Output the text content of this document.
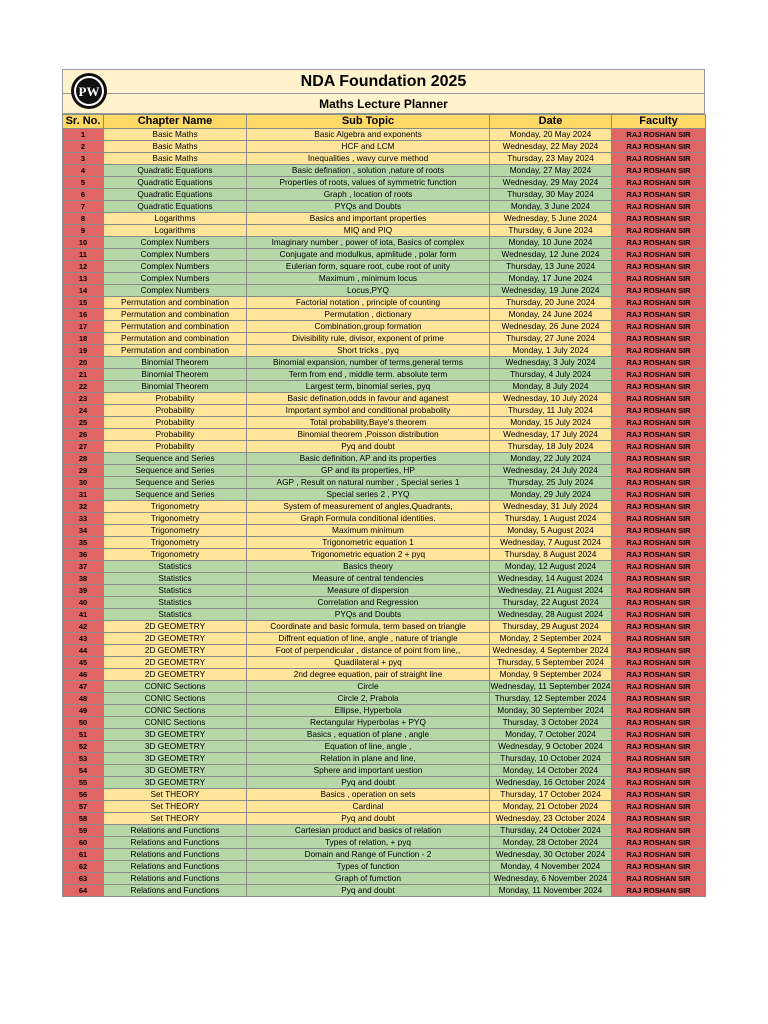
PW
NDA Foundation 2025
Maths Lecture Planner
Sr. No.	Chapter Name	Sub Topic	Date	Faculty
1	Basic Maths	Basic Algebra and exponents	Monday, 20 May 2024	RAJ ROSHAN SIR
2	Basic Maths	HCF and LCM	Wednesday, 22 May 2024	RAJ ROSHAN SIR
3	Basic Maths	Inequalities , wavy curve method	Thursday, 23 May 2024	RAJ ROSHAN SIR
4	Quadratic Equations	Basic defination , solution ,nature of roots	Monday, 27 May 2024	RAJ ROSHAN SIR
5	Quadratic Equations	Properties of roots, values of symmetric function	Wednesday, 29 May 2024	RAJ ROSHAN SIR
6	Quadratic Equations	Graph , location of roots	Thursday, 30 May 2024	RAJ ROSHAN SIR
7	Quadratic Equations	PYQs and Doubts	Monday, 3 June 2024	RAJ ROSHAN SIR
8	Logarithms	Basics and important properties	Wednesday, 5 June 2024	RAJ ROSHAN SIR
9	Logarithms	MIQ and PIQ	Thursday, 6 June 2024	RAJ ROSHAN SIR
10	Complex Numbers	Imaginary number , power of iota, Basics of complex	Monday, 10 June 2024	RAJ ROSHAN SIR
11	Complex Numbers	Conjugate and modulkus, apmlitude , polar form	Wednesday, 12 June 2024	RAJ ROSHAN SIR
12	Complex Numbers	Eulerian form, square root, cube root of unity	Thursday, 13 June 2024	RAJ ROSHAN SIR
13	Complex Numbers	Maximum , minimum locus	Monday, 17 June 2024	RAJ ROSHAN SIR
14	Complex Numbers	Locus,PYQ	Wednesday, 19 June 2024	RAJ ROSHAN SIR
15	Permutation and combination	Factorial notation , principle of counting	Thursday, 20 June 2024	RAJ ROSHAN SIR
16	Permutation and combination	Permutation , dictionary	Monday, 24 June 2024	RAJ ROSHAN SIR
17	Permutation and combination	Combination,group formation	Wednesday, 26 June 2024	RAJ ROSHAN SIR
18	Permutation and combination	Divisibility rule, divisor, exponent of prime	Thursday, 27 June 2024	RAJ ROSHAN SIR
19	Permutation and combination	Short tricks , pyq	Monday, 1 July 2024	RAJ ROSHAN SIR
20	Binomial Theorem	Binomial expansion, number of terms,general terms	Wednesday, 3 July 2024	RAJ ROSHAN SIR
21	Binomial Theorem	Term from end , middle term. absolute term	Thursday, 4 July 2024	RAJ ROSHAN SIR
22	Binomial Theorem	Largest term, binomial series, pyq	Monday, 8 July 2024	RAJ ROSHAN SIR
23	Probability	Basic defination,odds in favour and aganest	Wednesday, 10 July 2024	RAJ ROSHAN SIR
24	Probability	Important symbol and conditional probabolity	Thursday, 11 July 2024	RAJ ROSHAN SIR
25	Probability	Total probability,Baye's theorem	Monday, 15 July 2024	RAJ ROSHAN SIR
26	Probability	Binomial theorem ,Poisson distribution	Wednesday, 17 July 2024	RAJ ROSHAN SIR
27	Probability	Pyq and doubt	Thursday, 18 July 2024	RAJ ROSHAN SIR
28	Sequence and Series	Basic definition, AP and its properties	Monday, 22 July 2024	RAJ ROSHAN SIR
29	Sequence and Series	GP and its properties, HP	Wednesday, 24 July 2024	RAJ ROSHAN SIR
30	Sequence and Series	AGP , Result on natural number , Special series 1	Thursday, 25 July 2024	RAJ ROSHAN SIR
31	Sequence and Series	Special series 2 , PYQ	Monday, 29 July 2024	RAJ ROSHAN SIR
32	Trigonometry	System of measurement of angles,Quadrants,	Wednesday, 31 July 2024	RAJ ROSHAN SIR
33	Trigonometry	Graph Formula conditional identities.	Thursday, 1 August 2024	RAJ ROSHAN SIR
34	Trigonometry	Maximum minimum	Monday, 5 August 2024	RAJ ROSHAN SIR
35	Trigonometry	Trigonometric equation 1	Wednesday, 7 August 2024	RAJ ROSHAN SIR
36	Trigonometry	Trigonometric equation 2 + pyq	Thursday, 8 August 2024	RAJ ROSHAN SIR
37	Statistics	Basics theory	Monday, 12 August 2024	RAJ ROSHAN SIR
38	Statistics	Measure of central tendencies	Wednesday, 14 August 2024	RAJ ROSHAN SIR
39	Statistics	Measure of dispersion	Wednesday, 21 August 2024	RAJ ROSHAN SIR
40	Statistics	Correlation and Regression	Thursday, 22 August 2024	RAJ ROSHAN SIR
41	Statistics	PYQs and Doubts	Wednesday, 28 August 2024	RAJ ROSHAN SIR
42	2D GEOMETRY	Coordinate and basic formula, term based on triangle	Thursday, 29 August 2024	RAJ ROSHAN SIR
43	2D GEOMETRY	Diffrent equation of line, angle , nature of triangle	Monday, 2 September 2024	RAJ ROSHAN SIR
44	2D GEOMETRY	Foot of perpendicular , distance of point from line,,	Wednesday, 4 September 2024	RAJ ROSHAN SIR
45	2D GEOMETRY	Quadilateral + pyq	Thursday, 5 September 2024	RAJ ROSHAN SIR
46	2D GEOMETRY	2nd degree equation, pair of straight line	Monday, 9 September 2024	RAJ ROSHAN SIR
47	CONIC Sections	Circle	Wednesday, 11 September 2024	RAJ ROSHAN SIR
48	CONIC Sections	Circle 2, Prabola	Thursday, 12 September 2024	RAJ ROSHAN SIR
49	CONIC Sections	Ellipse, Hyperbola	Monday, 30 September 2024	RAJ ROSHAN SIR
50	CONIC Sections	Rectangular Hyperbolas + PYQ	Thursday, 3 October 2024	RAJ ROSHAN SIR
51	3D GEOMETRY	Basics , equation of plane , angle	Monday, 7 October 2024	RAJ ROSHAN SIR
52	3D GEOMETRY	Equation of line, angle ,	Wednesday, 9 October 2024	RAJ ROSHAN SIR
53	3D GEOMETRY	Relation in plane and line,	Thursday, 10 October 2024	RAJ ROSHAN SIR
54	3D GEOMETRY	Sphere and important uestion	Monday, 14 October 2024	RAJ ROSHAN SIR
55	3D GEOMETRY	Pyq and doubt	Wednesday, 16 October 2024	RAJ ROSHAN SIR
56	Set THEORY	Basics , operation on sets	Thursday, 17 October 2024	RAJ ROSHAN SIR
57	Set THEORY	Cardinal	Monday, 21 October 2024	RAJ ROSHAN SIR
58	Set THEORY	Pyq and doubt	Wednesday, 23 October 2024	RAJ ROSHAN SIR
59	Relations and Functions	Cartesian product and basics of relation	Thursday, 24 October 2024	RAJ ROSHAN SIR
60	Relations and Functions	Types of relation, + pyq	Monday, 28 October 2024	RAJ ROSHAN SIR
61	Relations and Functions	Domain and Range of Function - 2	Wednesday, 30 October 2024	RAJ ROSHAN SIR
62	Relations and Functions	Types of function	Monday, 4 November 2024	RAJ ROSHAN SIR
63	Relations and Functions	Graph of fumction	Wednesday, 6 November 2024	RAJ ROSHAN SIR
64	Relations and Functions	Pyq and doubt	Monday, 11 November 2024	RAJ ROSHAN SIR
